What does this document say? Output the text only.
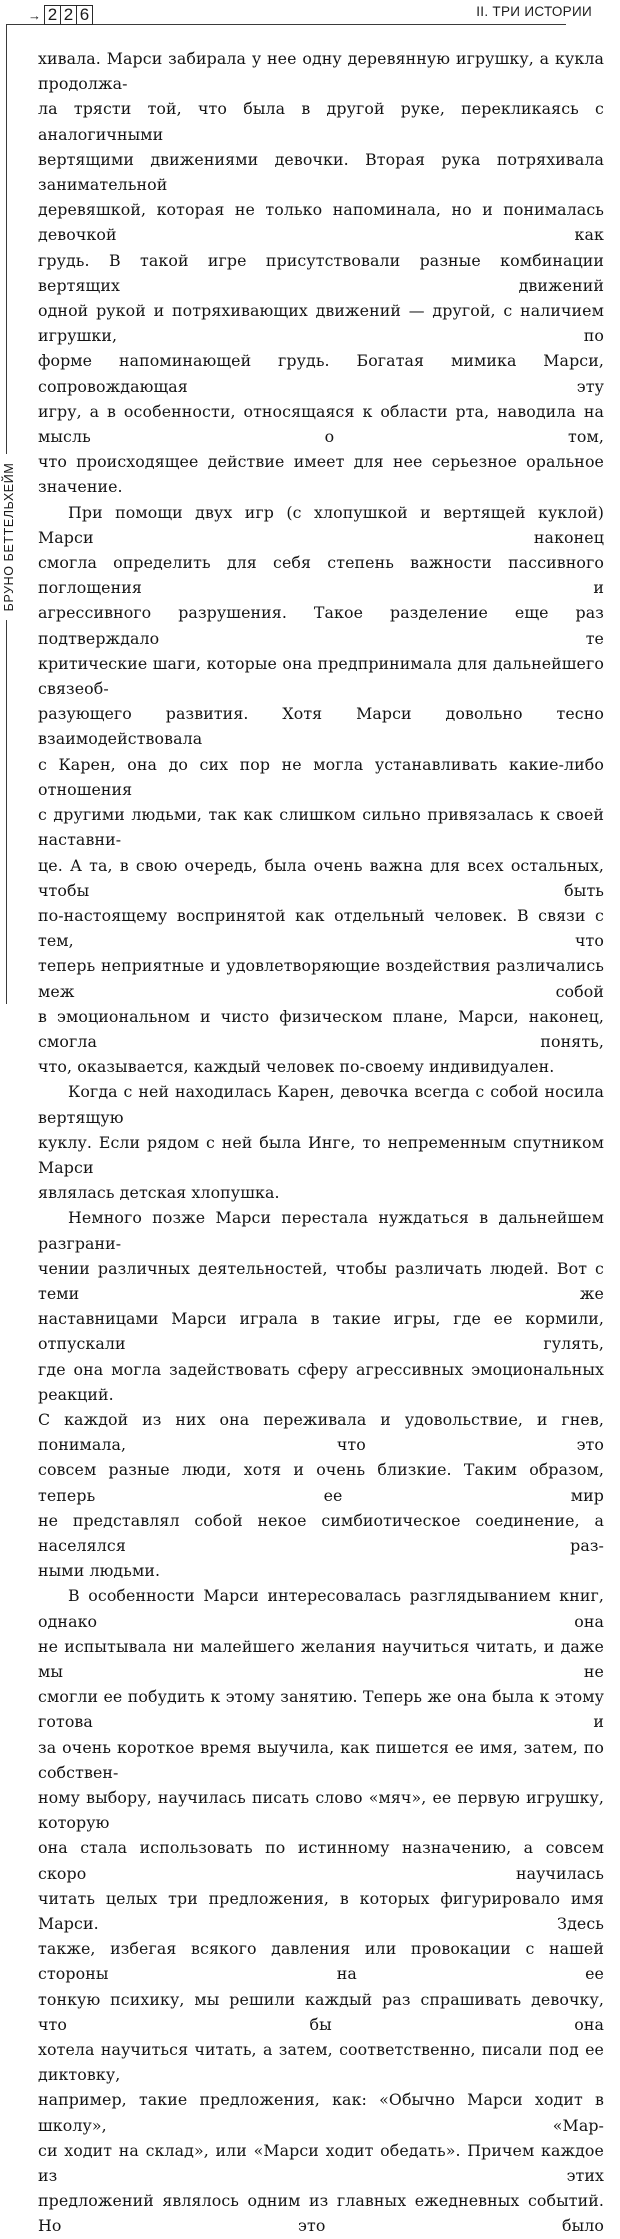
→ 2 2 6	II. ТРИ ИСТОРИИ
БРУНО БЕТТЕЛЬХЕЙМ

хивала. Марси забирала у нее одну деревянную игрушку, а кукла продолжа-
ла трясти той, что была в другой руке, перекликаясь с аналогичными
вертящими движениями девочки. Вторая рука потряхивала занимательной
деревяшкой, которая не только напоминала, но и понималась девочкой как
грудь. В такой игре присутствовали разные комбинации вертящих движений
одной рукой и потряхивающих движений — другой, с наличием игрушки, по
форме напоминающей грудь. Богатая мимика Марси, сопровождающая эту
игру, а в особенности, относящаяся к области рта, наводила на мысль о том,
что происходящее действие имеет для нее серьезное оральное значение.

При помощи двух игр (с хлопушкой и вертящей куклой) Марси наконец
смогла определить для себя степень важности пассивного поглощения и
агрессивного разрушения. Такое разделение еще раз подтверждало те
критические шаги, которые она предпринимала для дальнейшего связеоб-
разующего развития. Хотя Марси довольно тесно взаимодействовала
с Карен, она до сих пор не могла устанавливать какие-либо отношения
с другими людьми, так как слишком сильно привязалась к своей наставни-
це. А та, в свою очередь, была очень важна для всех остальных, чтобы быть
по-настоящему воспринятой как отдельный человек. В связи с тем, что
теперь неприятные и удовлетворяющие воздействия различались меж собой
в эмоциональном и чисто физическом плане, Марси, наконец, смогла понять,
что, оказывается, каждый человек по-своему индивидуален.

Когда с ней находилась Карен, девочка всегда с собой носила вертящую
куклу. Если рядом с ней была Инге, то непременным спутником Марси
являлась детская хлопушка.

Немного позже Марси перестала нуждаться в дальнейшем разграни-
чении различных деятельностей, чтобы различать людей. Вот с теми же
наставницами Марси играла в такие игры, где ее кормили, отпускали гулять,
где она могла задействовать сферу агрессивных эмоциональных реакций.
С каждой из них она переживала и удовольствие, и гнев, понимала, что это
совсем разные люди, хотя и очень близкие. Таким образом, теперь ее мир
не представлял собой некое симбиотическое соединение, а населялся раз-
ными людьми.

В особенности Марси интересовалась разглядыванием книг, однако она
не испытывала ни малейшего желания научиться читать, и даже мы не
смогли ее побудить к этому занятию. Теперь же она была к этому готова и
за очень короткое время выучила, как пишется ее имя, затем, по собствен-
ному выбору, научилась писать слово «мяч», ее первую игрушку, которую
она стала использовать по истинному назначению, а совсем скоро научилась
читать целых три предложения, в которых фигурировало имя Марси. Здесь
также, избегая всякого давления или провокации с нашей стороны на ее
тонкую психику, мы решили каждый раз спрашивать девочку, что бы она
хотела научиться читать, а затем, соответственно, писали под ее диктовку,
например, такие предложения, как: «Обычно Марси ходит в школу», «Мар-
си ходит на склад», или «Марси ходит обедать». Причем каждое из этих
предложений являлось одним из главных ежедневных событий. Но это было
